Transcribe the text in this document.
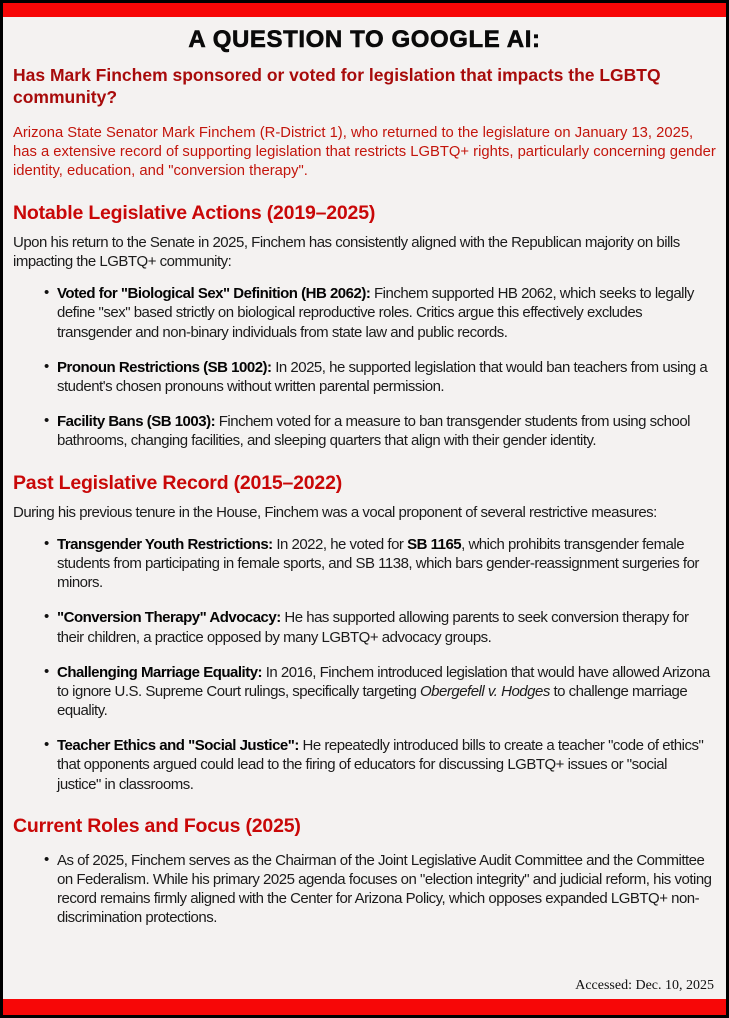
A QUESTION TO GOOGLE AI:
Has Mark Finchem sponsored or voted for legislation that impacts the LGBTQ community?

Arizona State Senator Mark Finchem (R-District 1), who returned to the legislature on January 13, 2025, has a extensive record of supporting legislation that restricts LGBTQ+ rights, particularly concerning gender identity, education, and "conversion therapy".

Notable Legislative Actions (2019–2025)

Upon his return to the Senate in 2025, Finchem has consistently aligned with the Republican majority on bills impacting the LGBTQ+ community:

• Voted for "Biological Sex" Definition (HB 2062): Finchem supported HB 2062, which seeks to legally define "sex" based strictly on biological reproductive roles. Critics argue this effectively excludes transgender and non-binary individuals from state law and public records.
• Pronoun Restrictions (SB 1002): In 2025, he supported legislation that would ban teachers from using a student's chosen pronouns without written parental permission.
• Facility Bans (SB 1003): Finchem voted for a measure to ban transgender students from using school bathrooms, changing facilities, and sleeping quarters that align with their gender identity.
Past Legislative Record (2015–2022)

During his previous tenure in the House, Finchem was a vocal proponent of several restrictive measures:

• Transgender Youth Restrictions: In 2022, he voted for SB 1165, which prohibits transgender female students from participating in female sports, and SB 1138, which bars gender-reassignment surgeries for minors.
• "Conversion Therapy" Advocacy: He has supported allowing parents to seek conversion therapy for their children, a practice opposed by many LGBTQ+ advocacy groups.
• Challenging Marriage Equality: In 2016, Finchem introduced legislation that would have allowed Arizona to ignore U.S. Supreme Court rulings, specifically targeting Obergefell v. Hodges to challenge marriage equality.
• Teacher Ethics and "Social Justice": He repeatedly introduced bills to create a teacher "code of ethics" that opponents argued could lead to the firing of educators for discussing LGBTQ+ issues or "social justice" in classrooms.
Current Roles and Focus (2025)
• As of 2025, Finchem serves as the Chairman of the Joint Legislative Audit Committee and the Committee on Federalism. While his primary 2025 agenda focuses on "election integrity" and judicial reform, his voting record remains firmly aligned with the Center for Arizona Policy, which opposes expanded LGBTQ+ non-discrimination protections.
Accessed: Dec. 10, 2025
